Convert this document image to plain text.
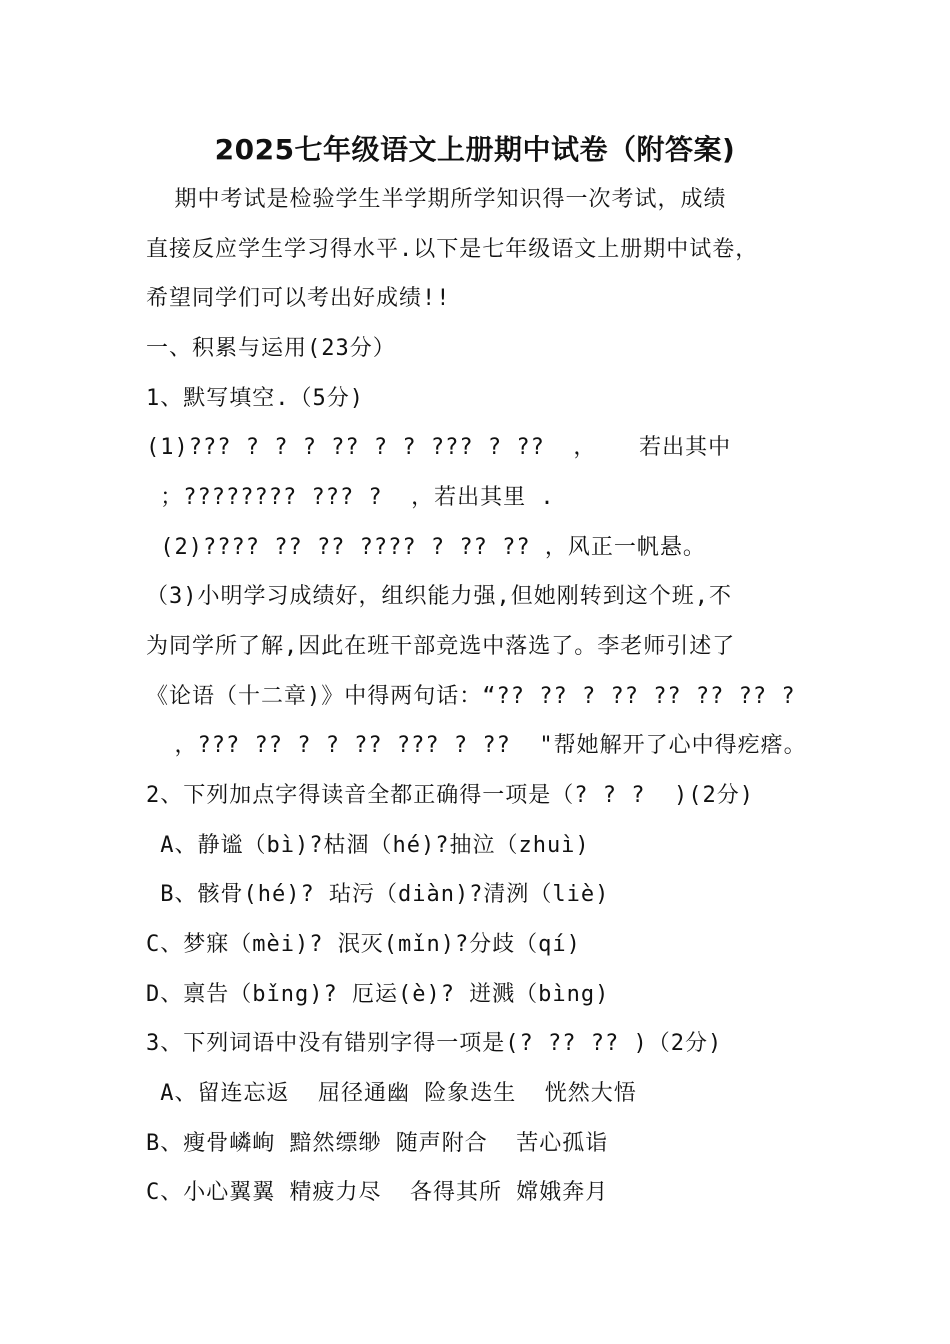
2025七年级语文上册期中试卷（附答案)
期中考试是检验学生半学期所学知识得一次考试，成绩
直接反应学生学习得水平.以下是七年级语文上册期中试卷，
希望同学们可以考出好成绩!!
一、积累与运用(23分）
1、默写填空.（5分)
(1)??? ? ? ? ?? ? ? ??? ? ??  ，   若出其中
；???????? ??? ?  ，若出其里 .
(2)???? ?? ?? ???? ? ?? ?? ，风正一帆悬。
（3)小明学习成绩好，组织能力强,但她刚转到这个班,不
为同学所了解,因此在班干部竞选中落选了。李老师引述了
《论语（十二章)》中得两句话：“?? ?? ? ?? ?? ?? ?? ?
，??? ?? ? ? ?? ??? ? ??  "帮她解开了心中得疙瘩。
2、下列加点字得读音全都正确得一项是（? ? ?  )(2分)
A、静谧（bì)?枯涸（hé)?抽泣（zhuì)
B、骸骨(hé)? 玷污（diàn)?清洌（liè)
C、梦寐（mèi)? 泯灭(mǐn)?分歧（qí)
D、禀告（bǐng)? 厄运(è)? 迸溅（bìng)
3、下列词语中没有错别字得一项是(? ?? ?? )（2分)
A、留连忘返  屈径通幽 险象迭生  恍然大悟
B、瘦骨嶙峋 黯然缥缈 随声附合  苦心孤诣
C、小心翼翼 精疲力尽  各得其所 嫦娥奔月
